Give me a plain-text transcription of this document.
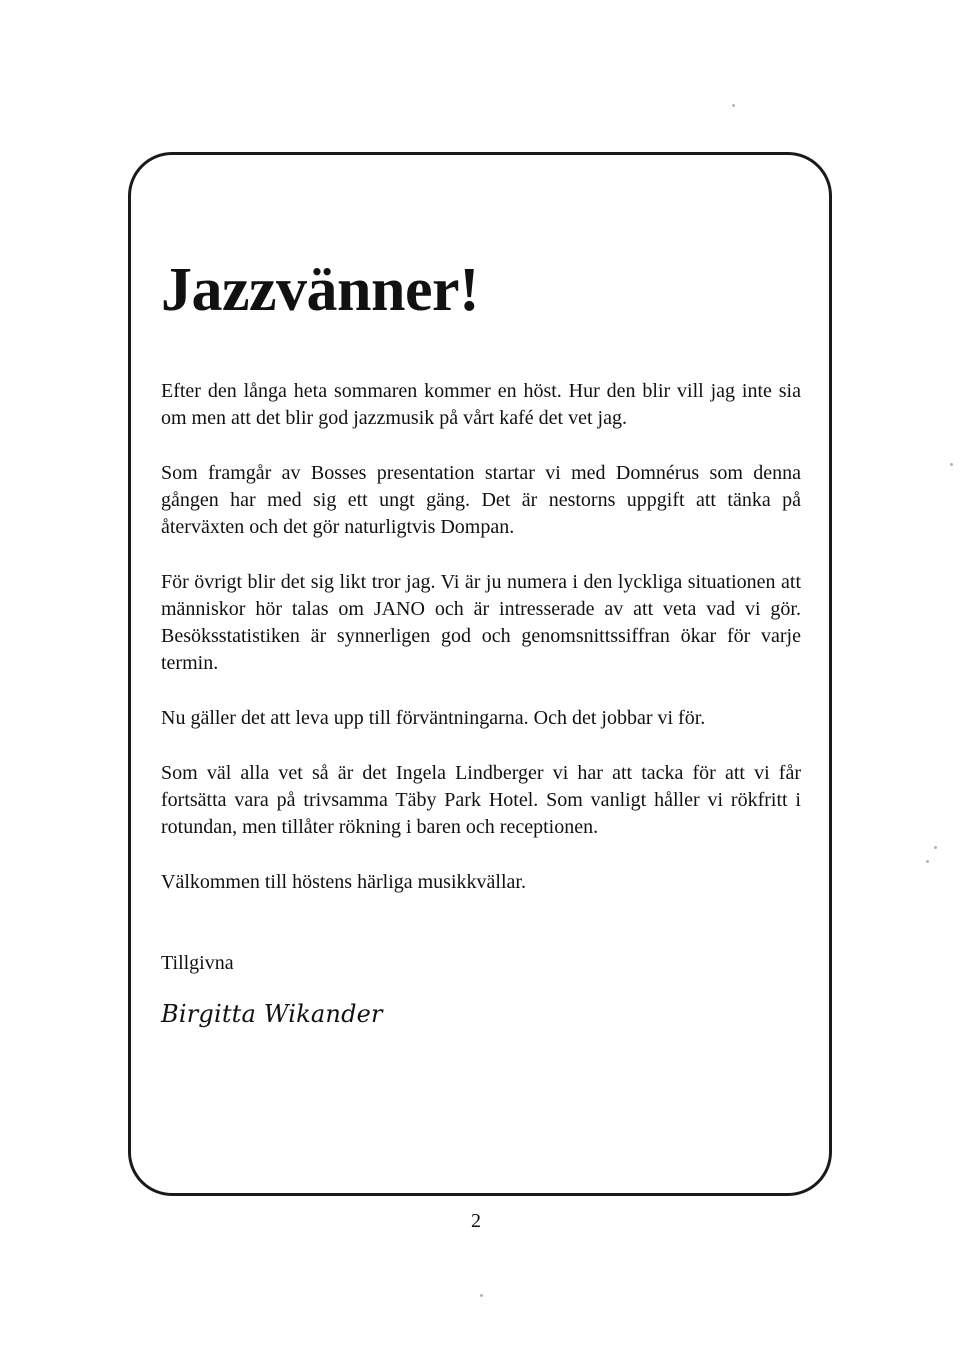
Jazzvänner!

Efter den långa heta sommaren kommer en höst. Hur den blir vill jag inte sia om men att det blir god jazzmusik på vårt kafé det vet jag.

Som framgår av Bosses presentation startar vi med Domnérus som denna gången har med sig ett ungt gäng. Det är nestorns uppgift att tänka på återväxten och det gör naturligtvis Dompan.

För övrigt blir det sig likt tror jag. Vi är ju numera i den lyckliga situationen att människor hör talas om JANO och är intresserade av att veta vad vi gör. Besöksstatistiken är synnerligen god och genomsnittssiffran ökar för varje termin.

Nu gäller det att leva upp till förväntningarna. Och det jobbar vi för.

Som väl alla vet så är det Ingela Lindberger vi har att tacka för att vi får fortsätta vara på trivsamma Täby Park Hotel. Som vanligt håller vi rökfritt i rotundan, men tillåter rökning i baren och receptionen.

Välkommen till höstens härliga musikkvällar.

Tillgivna

Birgitta Wikander

2
